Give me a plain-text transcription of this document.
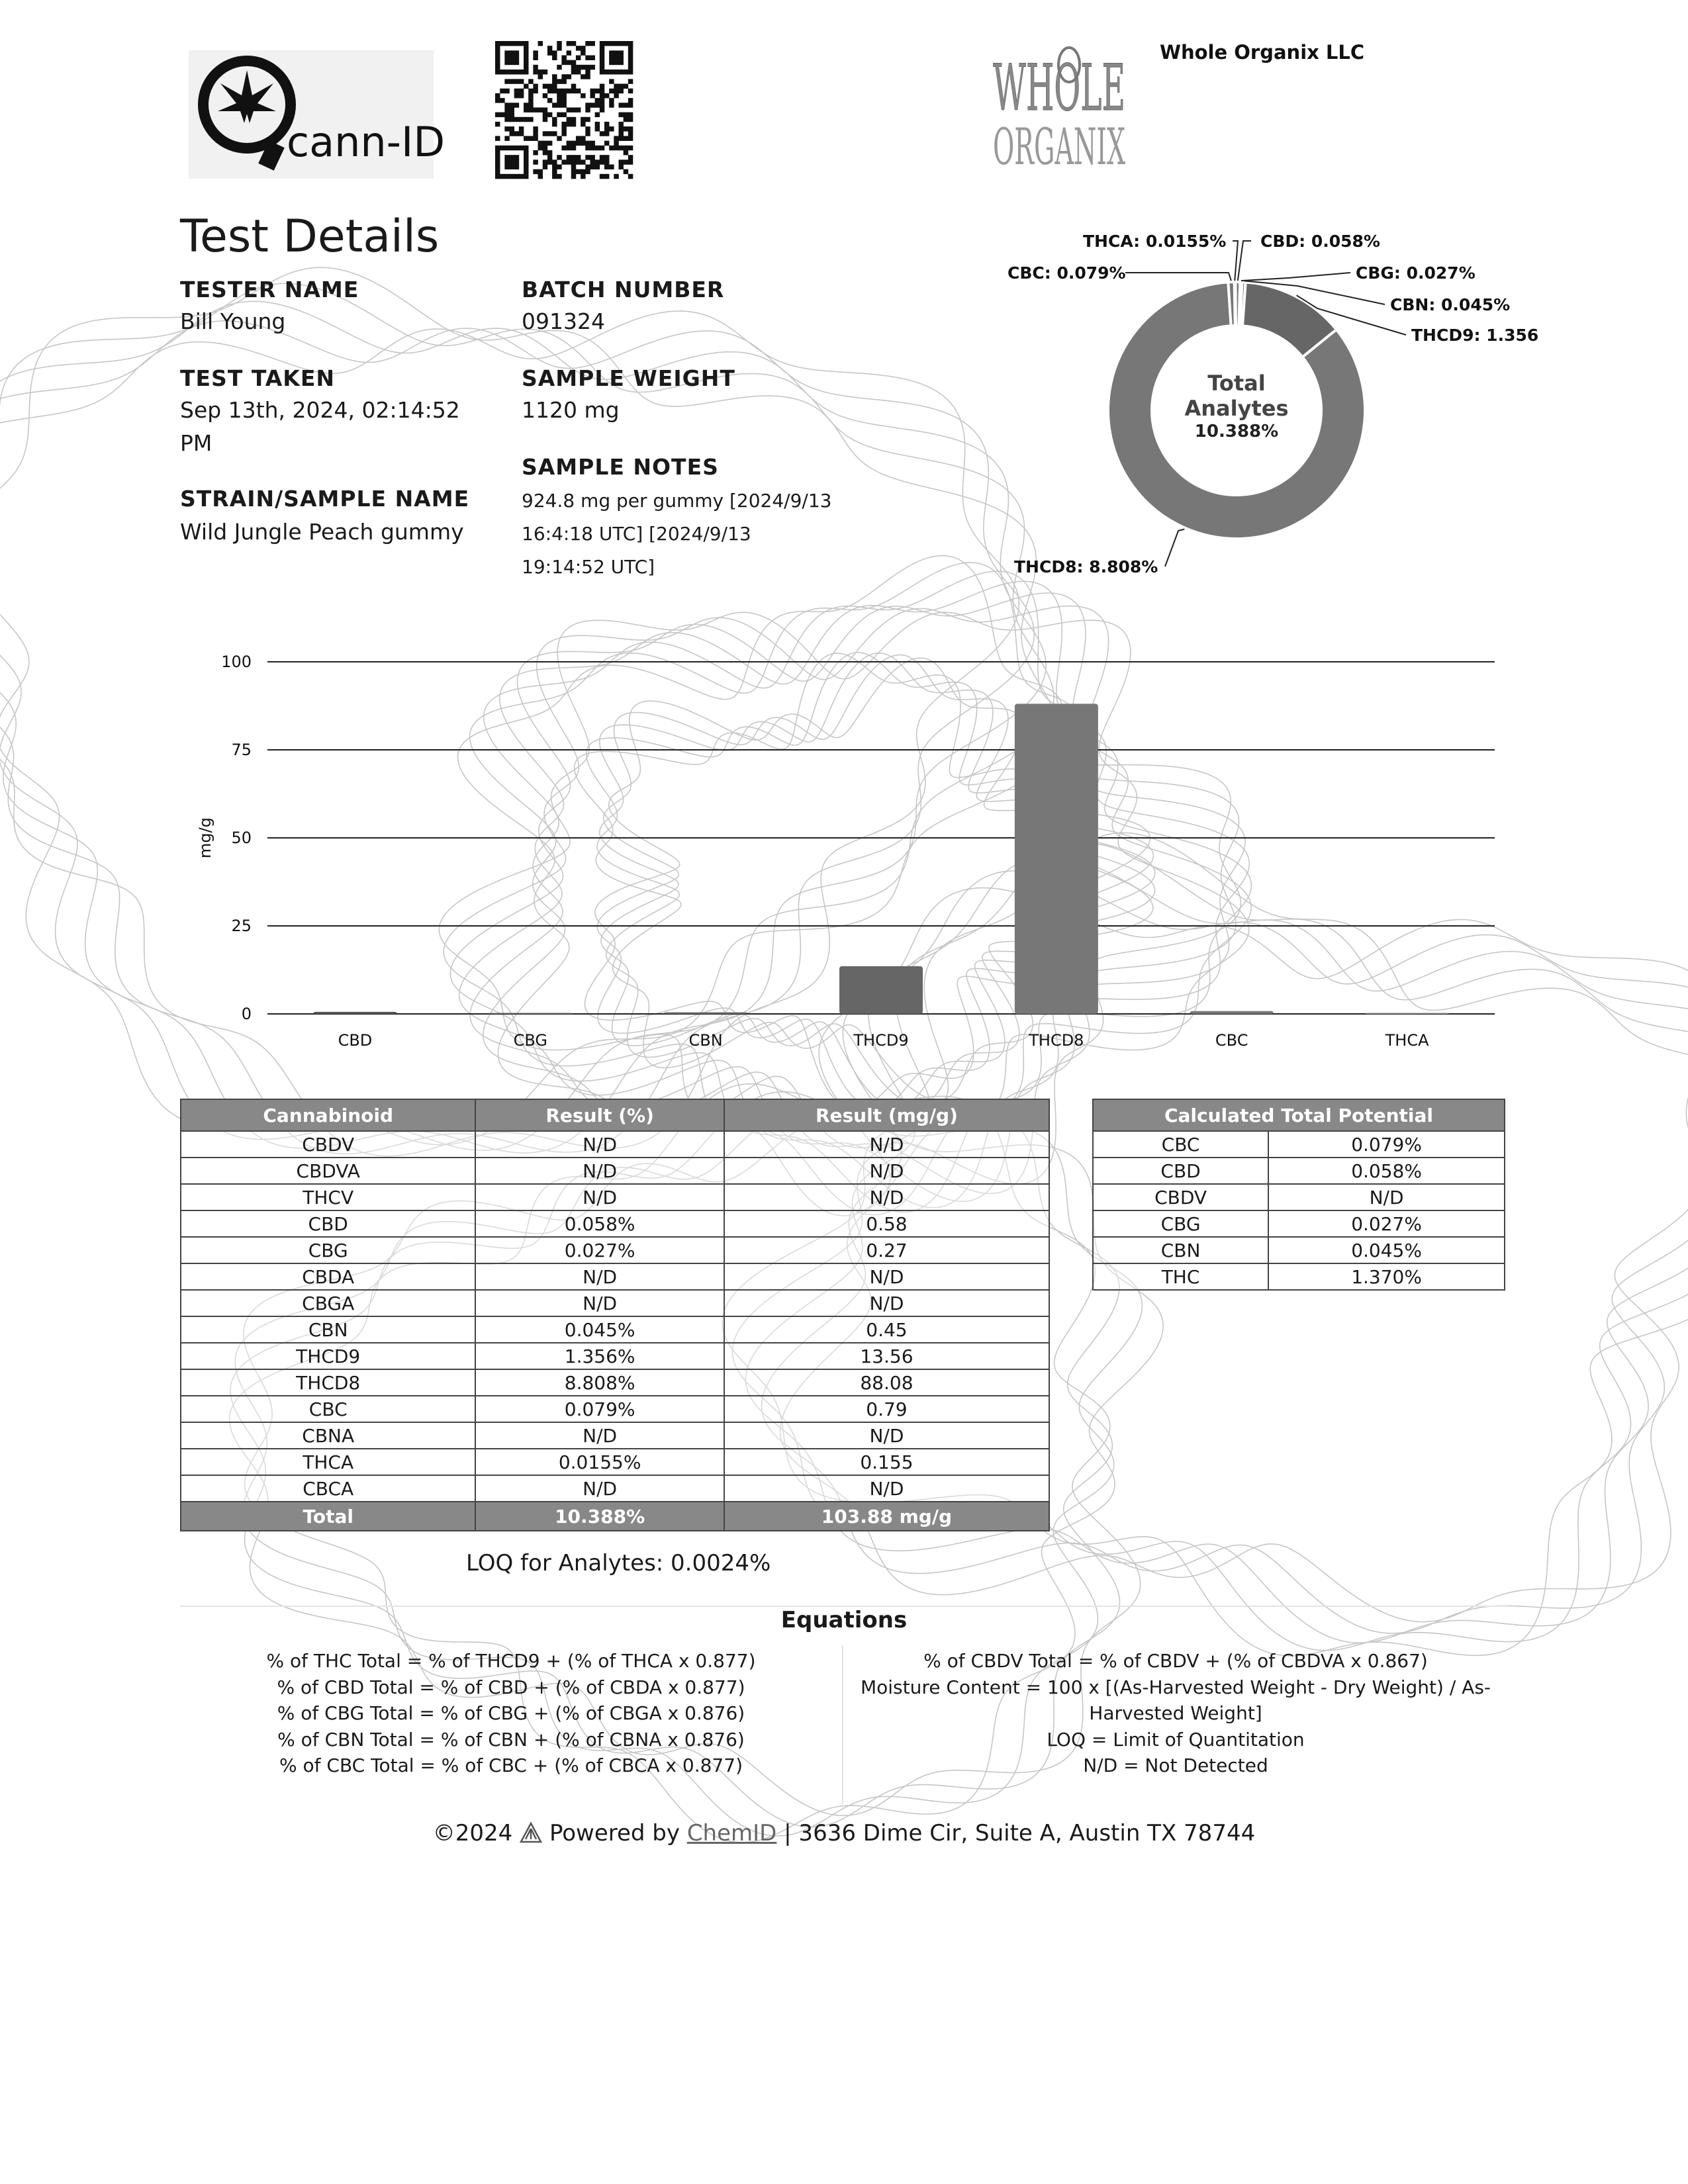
cann-ID
WHOLE
ORGANIX
Whole Organix LLC
Test Details
TESTER NAME
Bill Young
BATCH NUMBER
091324
TEST TAKEN
Sep 13th, 2024, 02:14:52
PM
SAMPLE WEIGHT
1120 mg
STRAIN/SAMPLE NAME
Wild Jungle Peach gummy
SAMPLE NOTES
924.8 mg per gummy [2024/9/13
16:4:18 UTC] [2024/9/13
19:14:52 UTC]
THCA: 0.0155% CBD: 0.058%
CBG: 0.027%
CBN: 0.045%
THCD9: 1.356
THCD8: 8.808%
CBC: 0.079%
Total
Analytes
10.388%
0
25
50
75
100
mg/g
CBD	CBG	CBN	THCD9	THCD8	CBC	THCA
Cannabinoid	Result (%)	Result (mg/g)
CBDV	N/D	N/D
CBDVA	N/D	N/D
THCV	N/D	N/D
CBD	0.058%	0.58
CBG	0.027%	0.27
CBDA	N/D	N/D
CBGA	N/D	N/D
CBN	0.045%	0.45
THCD9	1.356%	13.56
THCD8	8.808%	88.08
CBC	0.079%	0.79
CBNA	N/D	N/D
THCA	0.0155%	0.155
CBCA	N/D	N/D
Total	10.388%	103.88 mg/g
Calculated Total Potential	
CBC	0.079%
CBD	0.058%
CBDV	N/D
CBG	0.027%
CBN	0.045%
THC	1.370%
LOQ for Analytes: 0.0024%
Equations
% of THC Total = % of THCD9 + (% of THCA x 0.877)
% of CBD Total = % of CBD + (% of CBDA x 0.877)
% of CBG Total = % of CBG + (% of CBGA x 0.876)
% of CBN Total = % of CBN + (% of CBNA x 0.876)
% of CBC Total = % of CBC + (% of CBCA x 0.877)
% of CBDV Total = % of CBDV + (% of CBDVA x 0.867)
Moisture Content = 100 x [(As-Harvested Weight - Dry Weight) / As-
Harvested Weight]
LOQ = Limit of Quantitation
N/D = Not Detected
©2024 Powered by ChemID | 3636 Dime Cir, Suite A, Austin TX 78744
